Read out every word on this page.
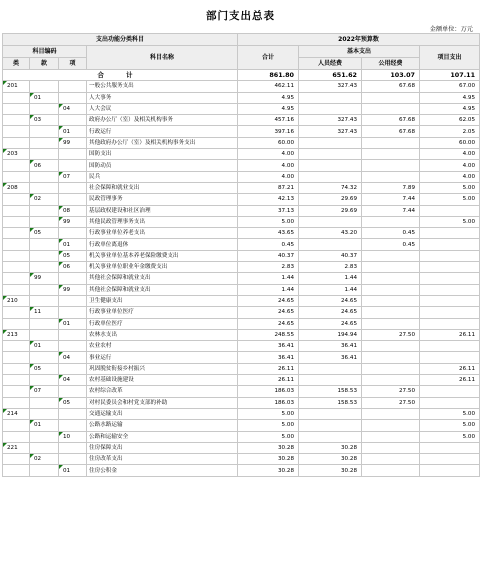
部门支出总表
金额单位：万元
支出功能分类科目				2022年预算数			
科目编码			科目名称	合计	基本支出		项目支出
类	款	项			人员经费	公用经费	
合 计				861.80	651.62	103.07	107.11
201			一般公共服务支出	462.11	327.43	67.68	67.00
	01		人大事务	4.95			4.95
		04	人大会议	4.95			4.95
	03		政府办公厅（室）及相关机构事务	457.16	327.43	67.68	62.05
		01	行政运行	397.16	327.43	67.68	2.05
		99	其他政府办公厅（室）及相关机构事务支出	60.00			60.00
203			国防支出	4.00			4.00
	06		国防动员	4.00			4.00
		07	民兵	4.00			4.00
208			社会保障和就业支出	87.21	74.32	7.89	5.00
	02		民政管理事务	42.13	29.69	7.44	5.00
		08	基层政权建设和社区治理	37.13	29.69	7.44	
		99	其他民政管理事务支出	5.00			5.00
	05		行政事业单位养老支出	43.65	43.20	0.45	
		01	行政单位离退休	0.45		0.45	
		05	机关事业单位基本养老保险缴费支出	40.37	40.37		
		06	机关事业单位职业年金缴费支出	2.83	2.83		
	99		其他社会保障和就业支出	1.44	1.44		
		99	其他社会保障和就业支出	1.44	1.44		
210			卫生健康支出	24.65	24.65		
	11		行政事业单位医疗	24.65	24.65		
		01	行政单位医疗	24.65	24.65		
213			农林水支出	248.55	194.94	27.50	26.11
	01		农业农村	36.41	36.41		
		04	事业运行	36.41	36.41		
	05		巩固脱贫衔接乡村振兴	26.11			26.11
		04	农村基础设施建设	26.11			26.11
	07		农村综合改革	186.03	158.53	27.50	
		05	对村民委员会和村党支部的补助	186.03	158.53	27.50	
214			交通运输支出	5.00			5.00
	01		公路水路运输	5.00			5.00
		10	公路和运输安全	5.00			5.00
221			住房保障支出	30.28	30.28		
	02		住房改革支出	30.28	30.28		
		01	住房公积金	30.28	30.28		
